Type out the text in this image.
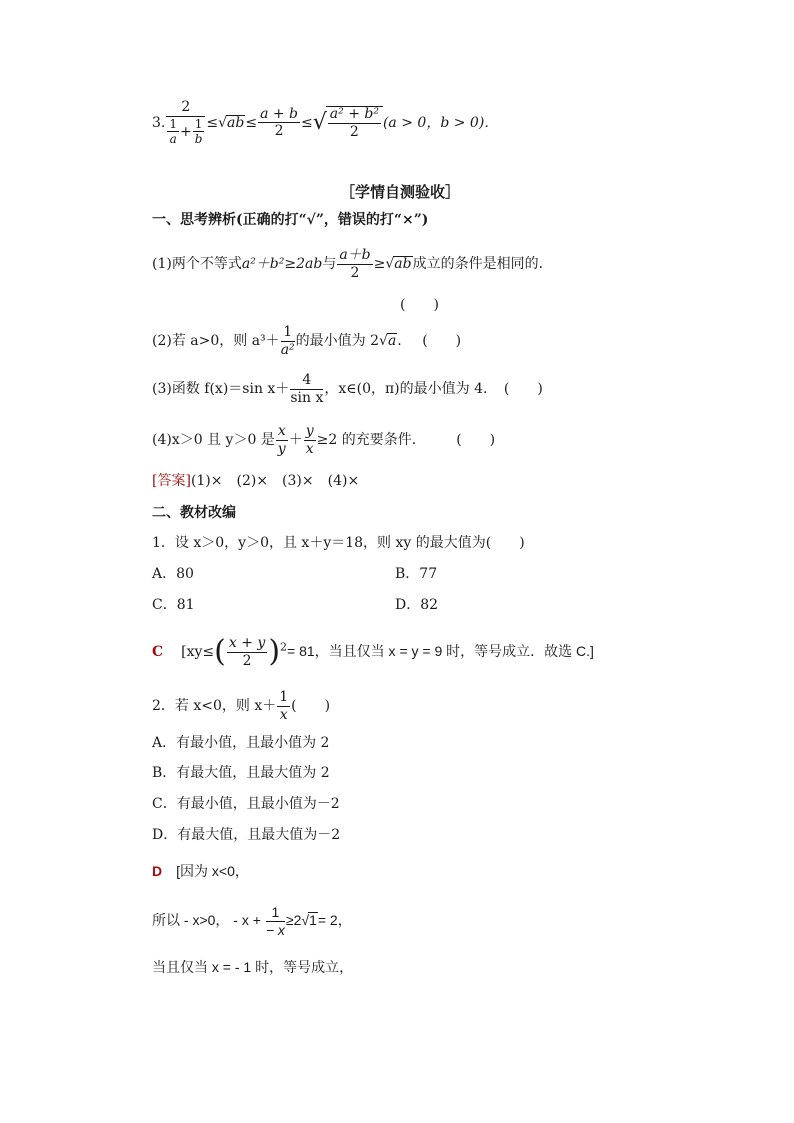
3. $\frac{2}{\frac{1}{a} + \frac{1}{b}} \le√ab\le \frac{a + b}{2}$ ≤√ $\frac{\text{a² + b²}}{2} (a > 0$，b > 0)．
［学情自测验收］
一、思考辨析(正确的打“√”，错误的打“×”)
(1)两个不等式a²＋b²≥2ab与 $\frac{a+b}{2} \ge√ab$成立的条件是相同的．
(　　)
(2)若 a>0，则 $a^3+ \frac{1}{\text{a²}}$ 的最小值为 2√a. (　　)
(3)函数 f(x)＝sin $x+ \frac{4}{\text{sin x}}$ ，x∈(0，π)的最小值为 4. (　　)
(4)x＞0 且 y＞0 是 $\frac{x}{y} + \frac{y}{x} \ge 2$ 的充要条件． (　　)
[答案](1)×　(2)×　(3)×　(4)×
二、教材改编
1．设 x＞0，y＞0，且 x＋y＝18，则 xy 的最大值为(　　)
A．80	B．77
C．81	D．82
C [$xy\le( \frac{x + y}{2} )^2= 81$，当且仅当 x = y = 9 时，等号成立．故选 C.]
2．若 x<0，则 $x+ \frac{1}{x}$ (　　)
A．有最小值，且最小值为 2
B．有最大值，且最大值为 2
C．有最小值，且最小值为－2
D．有最大值，且最大值为－2
D [因为 x<0，
所以 - x>0， - $x + \frac{1}{- x} \ge 2√1= 2$，
当且仅当 x = - 1 时，等号成立，
